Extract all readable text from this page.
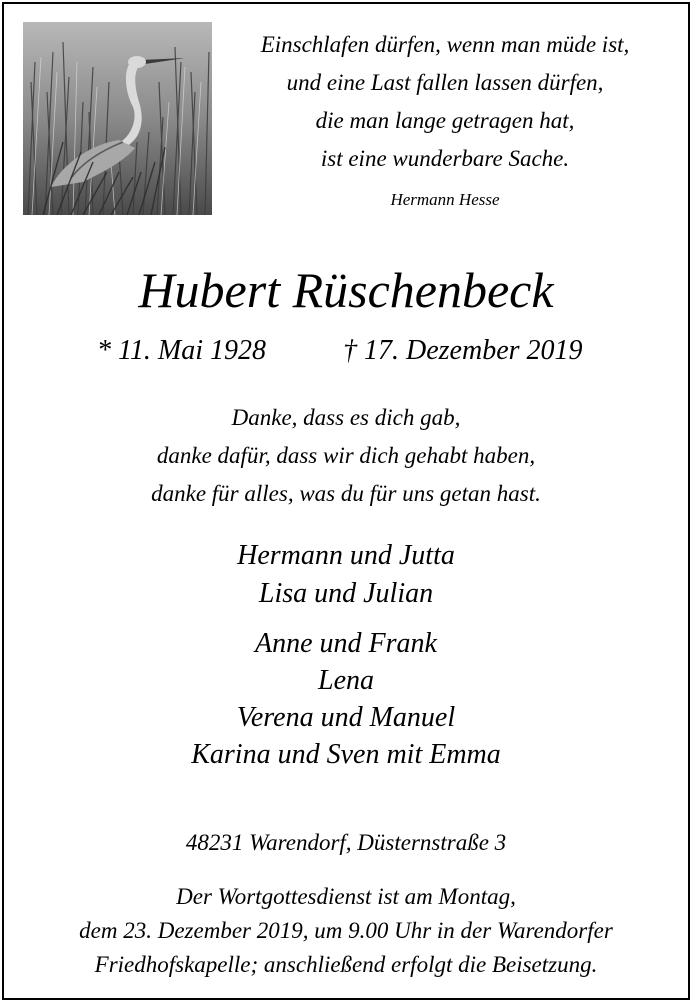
Einschlafen dürfen, wenn man müde ist,
und eine Last fallen lassen dürfen,
die man lange getragen hat,
ist eine wunderbare Sache.
Hermann Hesse
Hubert Rüschenbeck
* 11. Mai 1928	† 17. Dezember 2019
Danke, dass es dich gab,
danke dafür, dass wir dich gehabt haben,
danke für alles, was du für uns getan hast.
Hermann und Jutta
Lisa und Julian
Anne und Frank
Lena
Verena und Manuel
Karina und Sven mit Emma
48231 Warendorf, Düsternstraße 3
Der Wortgottesdienst ist am Montag,
dem 23. Dezember 2019, um 9.00 Uhr in der Warendorfer
Friedhofskapelle; anschließend erfolgt die Beisetzung.
